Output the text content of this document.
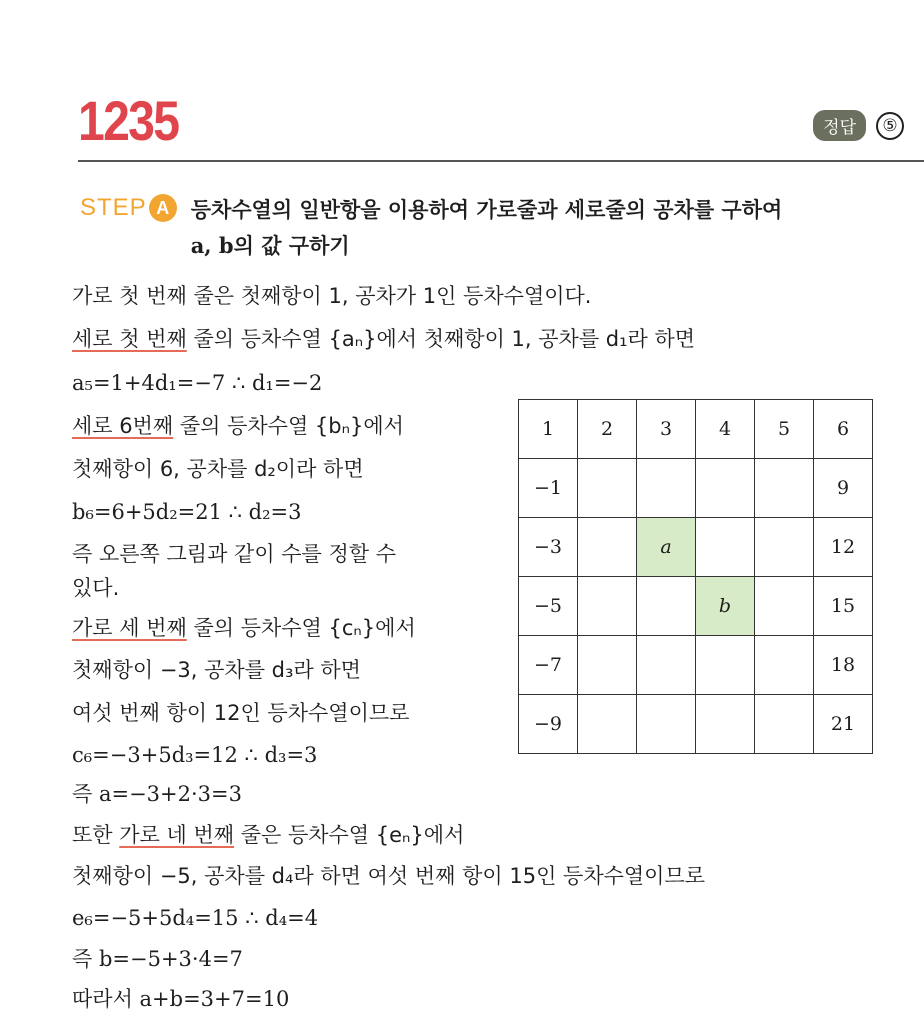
1235	정답	⑤
STEP A	등차수열의 일반항을 이용하여 가로줄과 세로줄의 공차를 구하여
a, b의 값 구하기
가로 첫 번째 줄은 첫째항이 1, 공차가 1인 등차수열이다.
세로 첫 번째 줄의 등차수열 {aₙ}에서 첫째항이 1, 공차를 d₁라 하면
a₅=1+4d₁=−7 ∴ d₁=−2
세로 6번째 줄의 등차수열 {bₙ}에서
첫째항이 6, 공차를 d₂이라 하면
b₆=6+5d₂=21 ∴ d₂=3
즉 오른쪽 그림과 같이 수를 정할 수
있다.
가로 세 번째 줄의 등차수열 {cₙ}에서
첫째항이 −3, 공차를 d₃라 하면
여섯 번째 항이 12인 등차수열이므로
c₆=−3+5d₃=12 ∴ d₃=3
즉 a=−3+2·3=3
또한 가로 네 번째 줄은 등차수열 {eₙ}에서
첫째항이 −5, 공차를 d₄라 하면 여섯 번째 항이 15인 등차수열이므로
e₆=−5+5d₄=15 ∴ d₄=4
즉 b=−5+3·4=7
따라서 a+b=3+7=10
1	2	3	4	5	6
−1					9
−3		a			12
−5			b		15
−7					18
−9					21
